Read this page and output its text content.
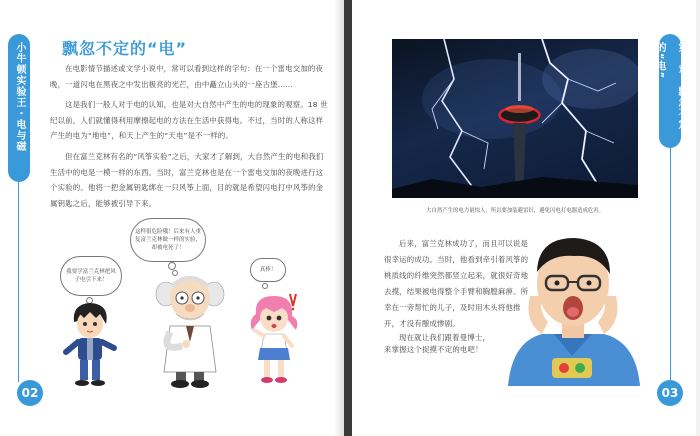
小牛顿实验王・电与磁	飘忽不定的“电”

在电影情节描述或文学小说中，常可以看到这样的字句：在一个雷电交加的夜晚，一道闪电在黑夜之中发出极亮的光芒，由中矗立山头的一座古堡……

这是我们一般人对于电的认知，也是对大自然中产生的电的现象的观察。18 世纪以前，人们就懂得利用摩擦起电的方法在生活中获得电。不过，当时的人称这样产生的电为“地电”，和天上产生的“天电”是不一样的。

但在富兰克林有名的“风筝实验”之后，大家才了解到，大自然产生的电和我们生活中的电是一模一样的东西。当时，富兰克林也是在一个雷电交加的夜晚进行这个实验的。他将一把金属钥匙绑在一只风筝上面，目的就是希望闪电打中风筝的金属钥匙之后，能够被引导下来。

这样很危险哦！后来有人重复富兰克林做一样的实验，却被电死了！
我要学富兰克林把风子电引下来！
真棒！
02
大自然产生的电力量惊人，所以要加装避雷针，避免闪电打电器造成危害。
第１章　飘忽不定的“电”

后来，富兰克林成功了，而且可以说是很幸运的成功。当时，他看到牵引着风筝的桃质线的纤维突然都竖立起来，就很好奇地去摸，结果被电得整个手臂和胸膛麻痹。所幸在一旁帮忙的儿子，及时用木头将他推开，才没有酿成惨剧。

现在就让我们跟着曼博士，来掌握这个捉摸不定的电吧！

03
